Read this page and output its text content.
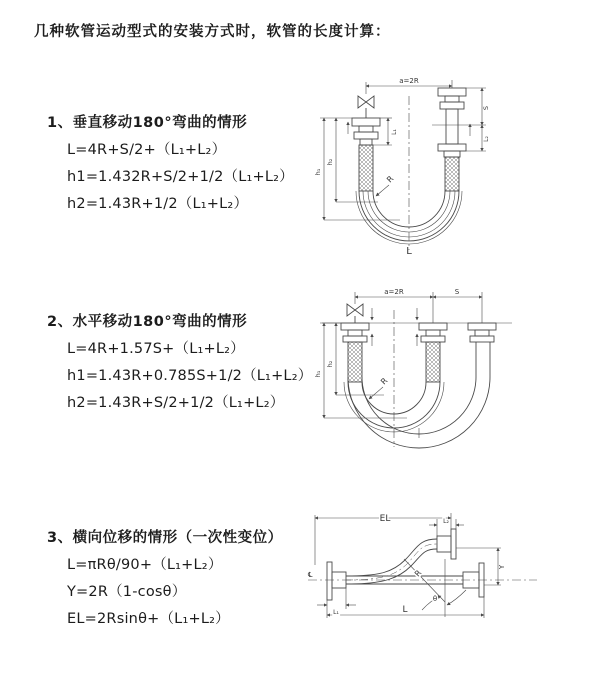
几种软管运动型式的安装方式时，软管的长度计算：
1、垂直移动180°弯曲的情形
L=4R+S/2+（L₁+L₂）
h1=1.432R+S/2+1/2（L₁+L₂）
h2=1.43R+1/2（L₁+L₂）
2、水平移动180°弯曲的情形
L=4R+1.57S+（L₁+L₂）
h1=1.43R+0.785S+1/2（L₁+L₂）
h2=1.43R+S/2+1/2（L₁+L₂）
3、横向位移的情形（一次性变位）
L=πRθ/90+（L₁+L₂）
Y=2R（1-cosθ）
EL=2Rsinθ+（L₁+L₂）
a=2R
L₁
S
L₂
h₁
h₂
R
L
a=2R	S
h₁
h₂
R
℄
EL	L₂
Y
R
θ
L₁	L
